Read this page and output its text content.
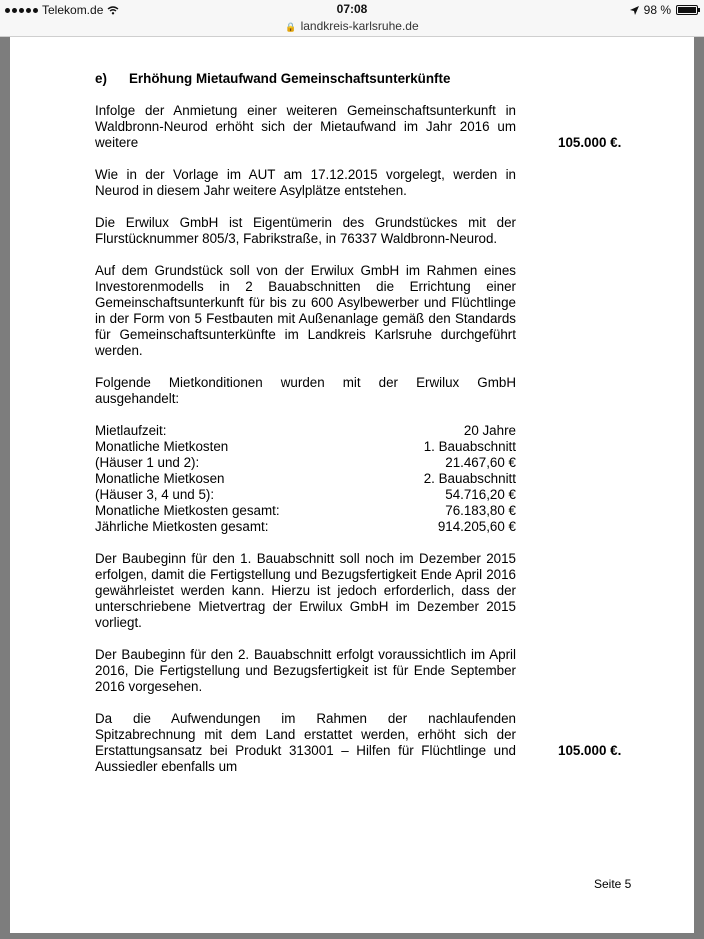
Telekom.de	07:08	98 %
🔒 landkreis-karlsruhe.de
e)	Erhöhung Mietaufwand Gemeinschaftsunterkünfte
Infolge der Anmietung einer weiteren Gemeinschaftsunterkunft in Waldbronn-Neurod erhöht sich der Mietaufwand im Jahr 2016 um weitere	105.000 €.
Wie in der Vorlage im AUT am 17.12.2015 vorgelegt, werden in Neurod in diesem Jahr weitere Asylplätze entstehen.
Die Erwilux GmbH ist Eigentümerin des Grundstückes mit der Flurstücknummer 805/3, Fabrikstraße, in 76337 Waldbronn-Neurod.
Auf dem Grundstück soll von der Erwilux GmbH im Rahmen eines Investorenmodells in 2 Bauabschnitten die Errichtung einer Gemeinschaftsunterkunft für bis zu 600 Asylbewerber und Flüchtlinge in der Form von 5 Festbauten mit Außenanlage gemäß den Standards für Gemeinschaftsunterkünfte im Landkreis Karlsruhe durchgeführt werden.
Folgende Mietkonditionen wurden mit der Erwilux GmbH ausgehandelt:
Mietlaufzeit:	20 Jahre
Monatliche Mietkosten	1. Bauabschnitt
(Häuser 1 und 2):	21.467,60 €
Monatliche Mietkosen	2. Bauabschnitt
(Häuser 3, 4 und 5):	54.716,20 €
Monatliche Mietkosten gesamt:	76.183,80 €
Jährliche Mietkosten gesamt:	914.205,60 €
Der Baubeginn für den 1. Bauabschnitt soll noch im Dezember 2015 erfolgen, damit die Fertigstellung und Bezugsfertigkeit Ende April 2016 gewährleistet werden kann. Hierzu ist jedoch erforderlich, dass der unterschriebene Mietvertrag der Erwilux GmbH im Dezember 2015 vorliegt.
Der Baubeginn für den 2. Bauabschnitt erfolgt voraussichtlich im April 2016, Die Fertigstellung und Bezugsfertigkeit ist für Ende September 2016 vorgesehen.
Da die Aufwendungen im Rahmen der nachlaufenden Spitzabrechnung mit dem Land erstattet werden, erhöht sich der Erstattungsansatz bei Produkt 313001 – Hilfen für Flüchtlinge und Aussiedler ebenfalls um
105.000 €.
Seite 5
